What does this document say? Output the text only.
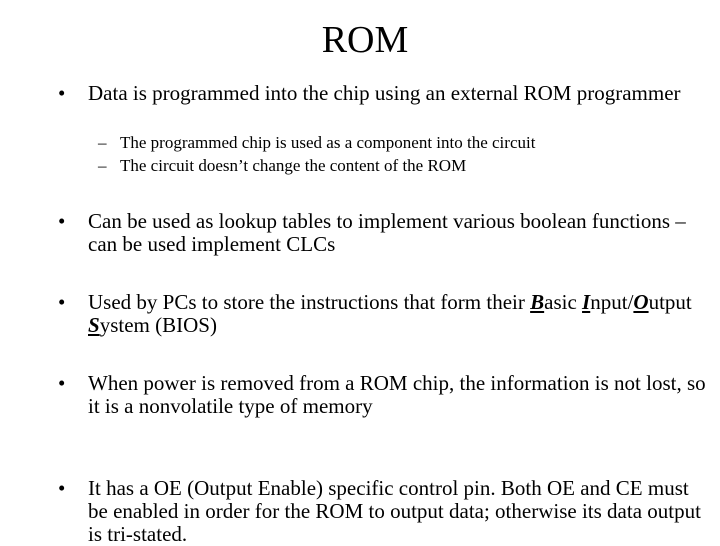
ROM
• Data is programmed into the chip using an external ROM programmer
– The programmed chip is used as a component into the circuit
– The circuit doesn’t change the content of the ROM
• Can be used as lookup tables to implement various boolean functions – can be used implement CLCs
• Used by PCs to store the instructions that form their Basic Input/Output System (BIOS)
• When power is removed from a ROM chip, the information is not lost, so it is a nonvolatile type of memory
• It has a OE (Output Enable) specific control pin. Both OE and CE must be enabled in order for the ROM to output data; otherwise its data output is tri-stated.
